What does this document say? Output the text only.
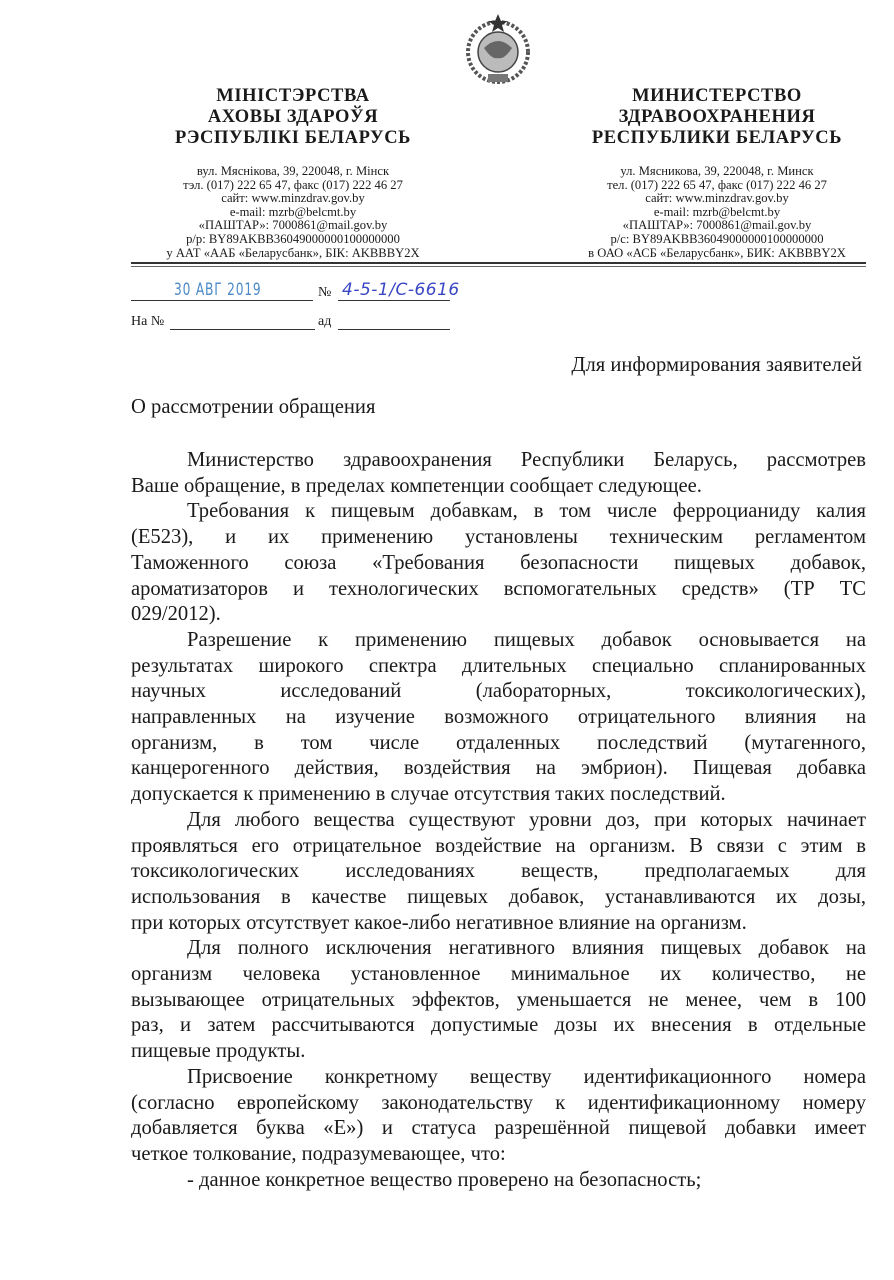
МІНІСТЭРСТВА
АХОВЫ ЗДАРОЎЯ
РЭСПУБЛІКІ БЕЛАРУСЬ
вул. Мяснікова, 39, 220048, г. Мінск
тэл. (017) 222 65 47, факс (017) 222 46 27
сайт: www.minzdrav.gov.by
e-mail: mzrb@belcmt.by
«ПАШТАР»: 7000861@mail.gov.by
р/р: BY89AKBB36049000000100000000
у ААТ «ААБ «Беларусбанк», БІК: AKBBBY2X
МИНИСТЕРСТВО
ЗДРАВООХРАНЕНИЯ
РЕСПУБЛИКИ БЕЛАРУСЬ
ул. Мясникова, 39, 220048, г. Минск
тел. (017) 222 65 47, факс (017) 222 46 27
сайт: www.minzdrav.gov.by
e-mail: mzrb@belcmt.by
«ПАШТАР»: 7000861@mail.gov.by
р/с: BY89AKBB36049000000100000000
в ОАО «АСБ «Беларусбанк», БИК: AKBBBY2X
30 АВГ 2019	№ 4-5-1/С-6616
На №	ад
Для информирования заявителей
О рассмотрении обращения
Министерство здравоохранения Республики Беларусь, рассмотрев
Ваше обращение, в пределах компетенции сообщает следующее.
Требования к пищевым добавкам, в том числе ферроцианиду калия
(Е523), и их применению установлены техническим регламентом
Таможенного союза «Требования безопасности пищевых добавок,
ароматизаторов и технологических вспомогательных средств» (ТР ТС
029/2012).
Разрешение к применению пищевых добавок основывается на
результатах широкого спектра длительных специально спланированных
научных исследований (лабораторных, токсикологических),
направленных на изучение возможного отрицательного влияния на
организм, в том числе отдаленных последствий (мутагенного,
канцерогенного действия, воздействия на эмбрион). Пищевая добавка
допускается к применению в случае отсутствия таких последствий.
Для любого вещества существуют уровни доз, при которых начинает
проявляться его отрицательное воздействие на организм. В связи с этим в
токсикологических исследованиях веществ, предполагаемых для
использования в качестве пищевых добавок, устанавливаются их дозы,
при которых отсутствует какое-либо негативное влияние на организм.
Для полного исключения негативного влияния пищевых добавок на
организм человека установленное минимальное их количество, не
вызывающее отрицательных эффектов, уменьшается не менее, чем в 100
раз, и затем рассчитываются допустимые дозы их внесения в отдельные
пищевые продукты.
Присвоение конкретному веществу идентификационного номера
(согласно европейскому законодательству к идентификационному номеру
добавляется буква «Е») и статуса разрешённой пищевой добавки имеет
четкое толкование, подразумевающее, что:
- данное конкретное вещество проверено на безопасность;
